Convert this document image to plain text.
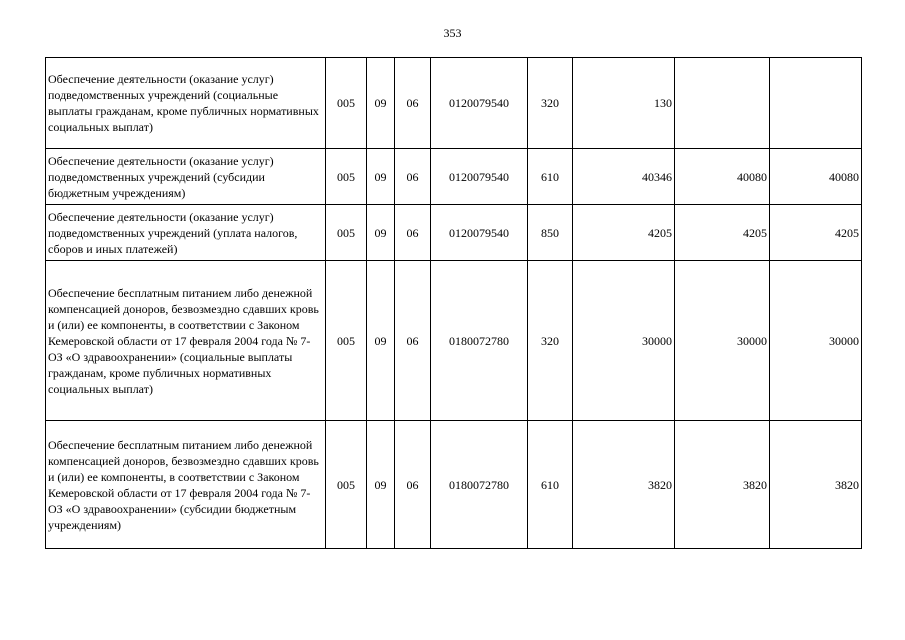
353
Обеспечение деятельности (оказание услуг) подведомственных учреждений (социальные выплаты гражданам, кроме публичных нормативных социальных выплат)	005	09	06	0120079540	320	130		
Обеспечение деятельности (оказание услуг) подведомственных учреждений (субсидии бюджетным учреждениям)	005	09	06	0120079540	610	40346	40080	40080
Обеспечение деятельности (оказание услуг) подведомственных учреждений (уплата налогов, сборов и иных платежей)	005	09	06	0120079540	850	4205	4205	4205
Обеспечение бесплатным питанием либо денежной компенсацией доноров, безвозмездно сдавших кровь и (или) ее компоненты, в соответствии с Законом Кемеровской области от 17 февраля 2004 года № 7-ОЗ «О здравоохранении» (социальные выплаты гражданам, кроме публичных нормативных социальных выплат)	005	09	06	0180072780	320	30000	30000	30000
Обеспечение бесплатным питанием либо денежной компенсацией доноров, безвозмездно сдавших кровь и (или) ее компоненты, в соответствии с Законом Кемеровской области от 17 февраля 2004 года № 7-ОЗ «О здравоохранении» (субсидии бюджетным учреждениям)	005	09	06	0180072780	610	3820	3820	3820
